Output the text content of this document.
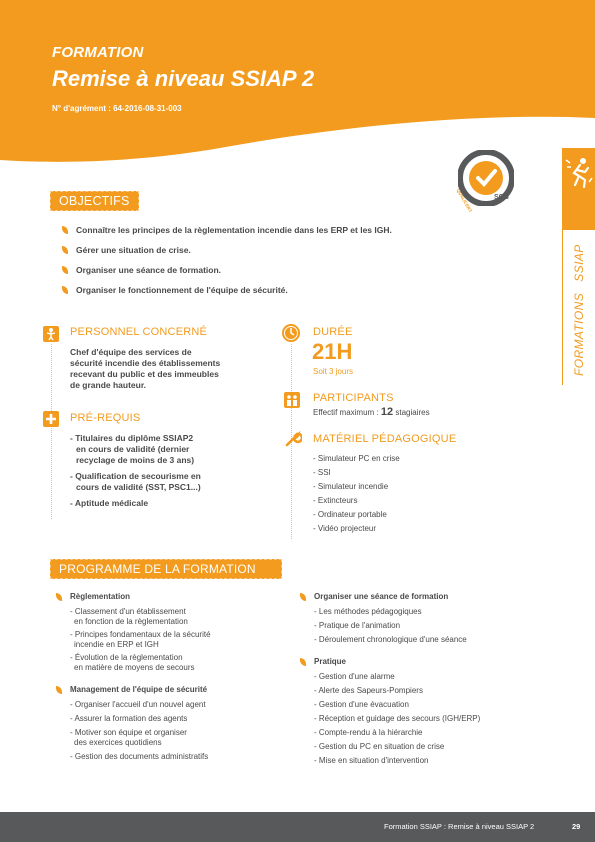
FORMATION
Remise à niveau SSIAP 2
N° d'agrément : 64-2016-08-31-003
QUALICERT	SGS
FORMATIONS   SSIAP
OBJECTIFS
Connaître les principes de la règlementation incendie dans les ERP et les IGH.
Gérer une situation de crise.
Organiser une séance de formation.
Organiser le fonctionnement de l'équipe de sécurité.
PERSONNEL CONCERNÉ
Chef d'équipe des services de
sécurité incendie des établissements
recevant du public et des immeubles
de grande hauteur.
PRÉ-REQUIS
- Titulaires du diplôme SSIAP2
en cours de validité (dernier
recyclage de moins de 3 ans)
- Qualification de secourisme en
cours de validité (SST, PSC1...)
- Aptitude médicale
DURÉE
21H
Soit 3 jours
PARTICIPANTS
Effectif maximum : 12 stagiaires
MATÉRIEL PÉDAGOGIQUE
- Simulateur PC en crise
- SSI
- Simulateur incendie
- Extincteurs
- Ordinateur portable
- Vidéo projecteur
PROGRAMME DE LA FORMATION
Règlementation
- Classement d'un établissement
en fonction de la règlementation
- Principes fondamentaux de la sécurité
incendie en ERP et IGH
- Évolution de la règlementation
en matière de moyens de secours
Management de l'équipe de sécurité
- Organiser l'accueil d'un nouvel agent
- Assurer la formation des agents
- Motiver son équipe et organiser
des exercices quotidiens
- Gestion des documents administratifs
Organiser une séance de formation
- Les méthodes pédagogiques
- Pratique de l'animation
- Déroulement chronologique d'une séance
Pratique
- Gestion d'une alarme
- Alerte des Sapeurs-Pompiers
- Gestion d'une évacuation
- Réception et guidage des secours (IGH/ERP)
- Compte-rendu à la hiérarchie
- Gestion du PC en situation de crise
- Mise en situation d'intervention
Formation SSIAP : Remise à niveau SSIAP 2	29
